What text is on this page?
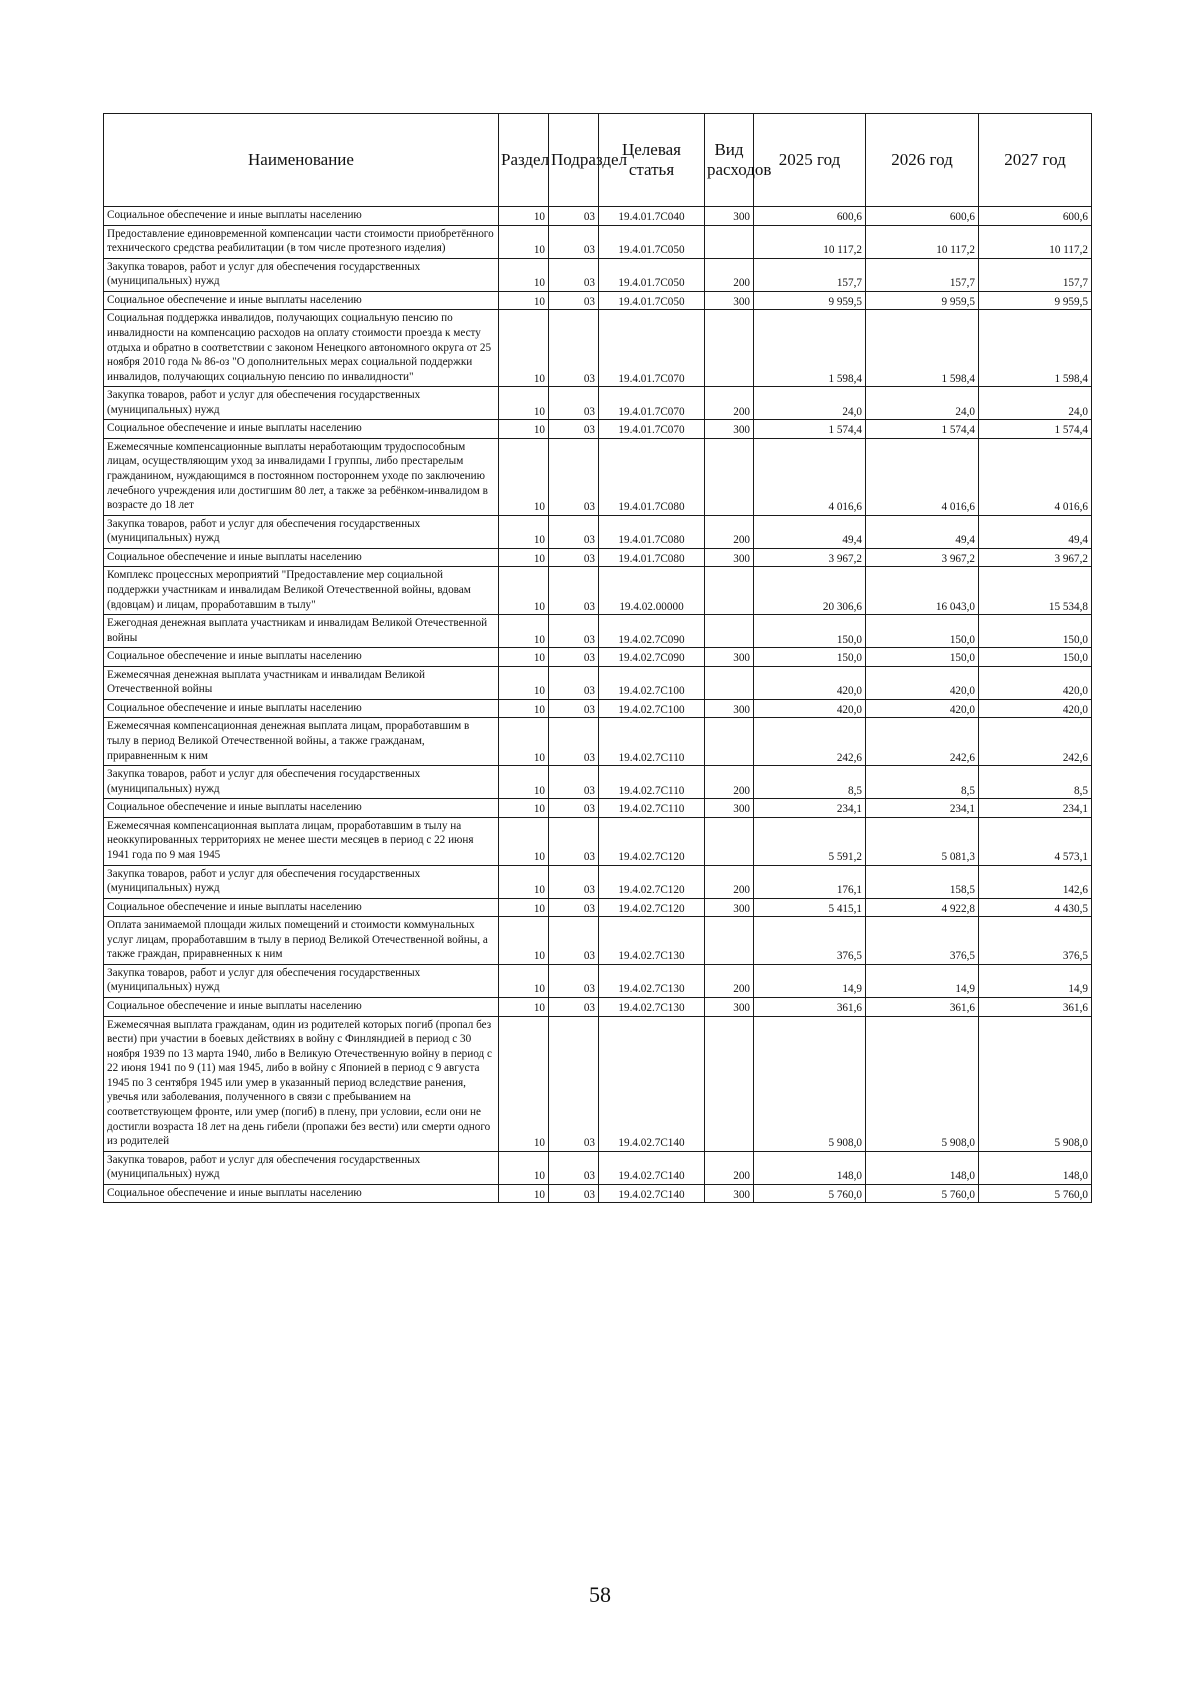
Наименование	Раздел	Подраздел	Целевая статья	Вид расходов	2025 год	2026 год	2027 год
Социальное обеспечение и иные выплаты населению	10	03	19.4.01.7C040	300	600,6	600,6	600,6
Предоставление единовременной компенсации части стоимости приобретённого технического средства реабилитации (в том числе протезного изделия)	10	03	19.4.01.7C050		10 117,2	10 117,2	10 117,2
Закупка товаров, работ и услуг для обеспечения государственных (муниципальных) нужд	10	03	19.4.01.7C050	200	157,7	157,7	157,7
Социальное обеспечение и иные выплаты населению	10	03	19.4.01.7C050	300	9 959,5	9 959,5	9 959,5
Социальная поддержка инвалидов, получающих социальную пенсию по инвалидности на компенсацию расходов на оплату стоимости проезда к месту отдыха и обратно в соответствии с законом Ненецкого автономного округа от 25 ноября 2010 года № 86-оз "О дополнительных мерах социальной поддержки инвалидов, получающих социальную пенсию по инвалидности"	10	03	19.4.01.7C070		1 598,4	1 598,4	1 598,4
Закупка товаров, работ и услуг для обеспечения государственных (муниципальных) нужд	10	03	19.4.01.7C070	200	24,0	24,0	24,0
Социальное обеспечение и иные выплаты населению	10	03	19.4.01.7C070	300	1 574,4	1 574,4	1 574,4
Ежемесячные компенсационные выплаты неработающим трудоспособным лицам, осуществляющим уход за инвалидами I группы, либо престарелым гражданином, нуждающимся в постоянном постороннем уходе по заключению лечебного учреждения или достигшим 80 лет, а также за ребёнком-инвалидом в возрасте до 18 лет	10	03	19.4.01.7C080		4 016,6	4 016,6	4 016,6
Закупка товаров, работ и услуг для обеспечения государственных (муниципальных) нужд	10	03	19.4.01.7C080	200	49,4	49,4	49,4
Социальное обеспечение и иные выплаты населению	10	03	19.4.01.7C080	300	3 967,2	3 967,2	3 967,2
Комплекс процессных мероприятий "Предоставление мер социальной поддержки участникам и инвалидам Великой Отечественной войны, вдовам (вдовцам) и лицам, проработавшим в тылу"	10	03	19.4.02.00000		20 306,6	16 043,0	15 534,8
Ежегодная денежная выплата участникам и инвалидам Великой Отечественной войны	10	03	19.4.02.7C090		150,0	150,0	150,0
Социальное обеспечение и иные выплаты населению	10	03	19.4.02.7C090	300	150,0	150,0	150,0
Ежемесячная денежная выплата участникам и инвалидам Великой Отечественной войны	10	03	19.4.02.7C100		420,0	420,0	420,0
Социальное обеспечение и иные выплаты населению	10	03	19.4.02.7C100	300	420,0	420,0	420,0
Ежемесячная компенсационная денежная выплата лицам, проработавшим в тылу в период Великой Отечественной войны, а также гражданам, приравненным к ним	10	03	19.4.02.7C110		242,6	242,6	242,6
Закупка товаров, работ и услуг для обеспечения государственных (муниципальных) нужд	10	03	19.4.02.7C110	200	8,5	8,5	8,5
Социальное обеспечение и иные выплаты населению	10	03	19.4.02.7C110	300	234,1	234,1	234,1
Ежемесячная компенсационная выплата лицам, проработавшим в тылу на неоккупированных территориях не менее шести месяцев в период с 22 июня 1941 года по 9 мая 1945	10	03	19.4.02.7C120		5 591,2	5 081,3	4 573,1
Закупка товаров, работ и услуг для обеспечения государственных (муниципальных) нужд	10	03	19.4.02.7C120	200	176,1	158,5	142,6
Социальное обеспечение и иные выплаты населению	10	03	19.4.02.7C120	300	5 415,1	4 922,8	4 430,5
Оплата занимаемой площади жилых помещений и стоимости коммунальных услуг лицам, проработавшим в тылу в период Великой Отечественной войны, а также граждан, приравненных к ним	10	03	19.4.02.7C130		376,5	376,5	376,5
Закупка товаров, работ и услуг для обеспечения государственных (муниципальных) нужд	10	03	19.4.02.7C130	200	14,9	14,9	14,9
Социальное обеспечение и иные выплаты населению	10	03	19.4.02.7C130	300	361,6	361,6	361,6
Ежемесячная выплата гражданам, один из родителей которых погиб (пропал без вести) при участии в боевых действиях в войну с Финляндией в период с 30 ноября 1939 по 13 марта 1940, либо в Великую Отечественную войну в период с 22 июня 1941 по 9 (11) мая 1945, либо в войну с Японией в период с 9 августа 1945 по 3 сентября 1945 или умер в указанный период вследствие ранения, увечья или заболевания, полученного в связи с пребыванием на соответствующем фронте, или умер (погиб) в плену, при условии, если они не достигли возраста 18 лет на день гибели (пропажи без вести) или смерти одного из родителей	10	03	19.4.02.7C140		5 908,0	5 908,0	5 908,0
Закупка товаров, работ и услуг для обеспечения государственных (муниципальных) нужд	10	03	19.4.02.7C140	200	148,0	148,0	148,0
Социальное обеспечение и иные выплаты населению	10	03	19.4.02.7C140	300	5 760,0	5 760,0	5 760,0
58
